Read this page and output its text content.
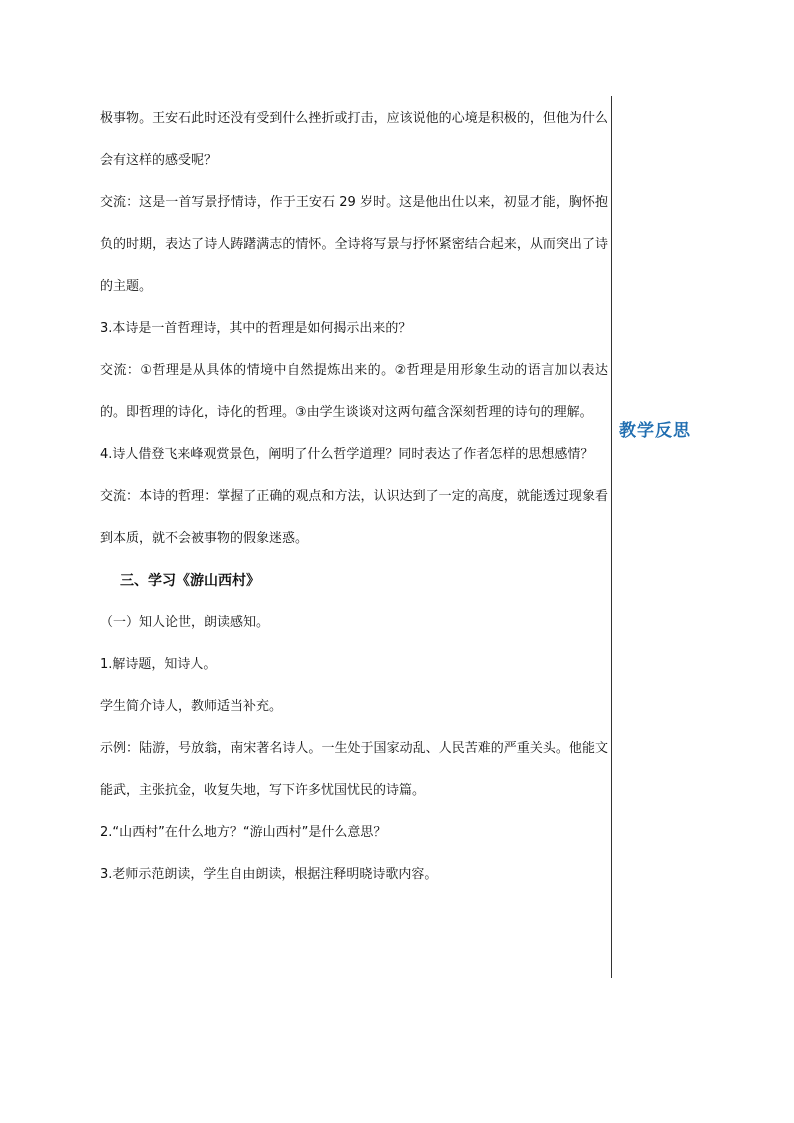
极事物。王安石此时还没有受到什么挫折或打击，应该说他的心境是积极的，但他为什么会有这样的感受呢？

交流：这是一首写景抒情诗，作于王安石 29 岁时。这是他出仕以来，初显才能，胸怀抱负的时期，表达了诗人踌躇满志的情怀。全诗将写景与抒怀紧密结合起来，从而突出了诗的主题。

3.本诗是一首哲理诗，其中的哲理是如何揭示出来的？

交流：①哲理是从具体的情境中自然提炼出来的。②哲理是用形象生动的语言加以表达的。即哲理的诗化，诗化的哲理。③由学生谈谈对这两句蕴含深刻哲理的诗句的理解。

4.诗人借登飞来峰观赏景色，阐明了什么哲学道理？同时表达了作者怎样的思想感情？

交流：本诗的哲理：掌握了正确的观点和方法，认识达到了一定的高度，就能透过现象看到本质，就不会被事物的假象迷惑。

三、学习《游山西村》

（一）知人论世，朗读感知。

1.解诗题，知诗人。

学生简介诗人，教师适当补充。

示例：陆游，号放翁，南宋著名诗人。一生处于国家动乱、人民苦难的严重关头。他能文能武，主张抗金，收复失地，写下许多忧国忧民的诗篇。

2.“山西村”在什么地方？“游山西村”是什么意思？

3.老师示范朗读，学生自由朗读，根据注释明晓诗歌内容。

教学反思
